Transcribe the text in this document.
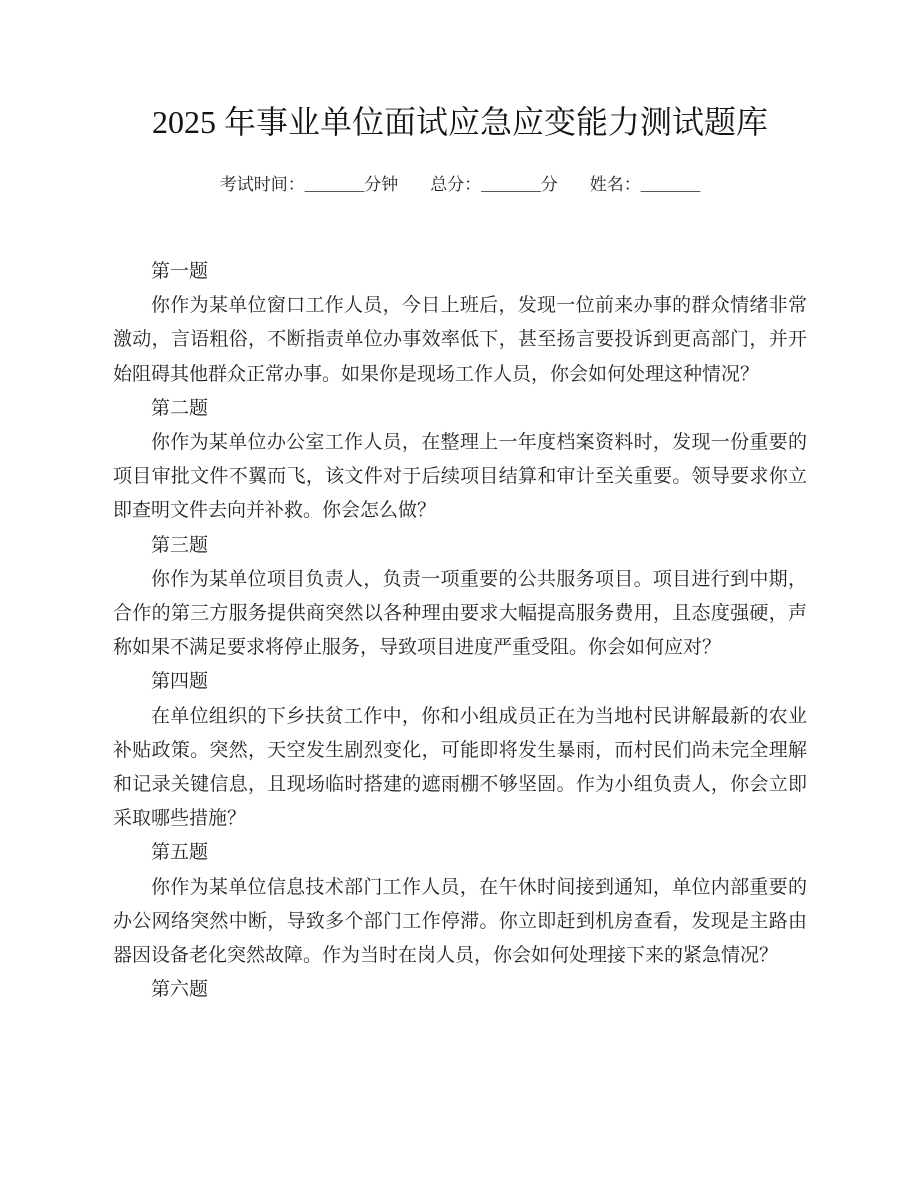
2025 年事业单位面试应急应变能力测试题库
考试时间：_______分钟 总分：_______分 姓名：_______

第一题

你作为某单位窗口工作人员，今日上班后，发现一位前来办事的群众情绪非常激动，言语粗俗，不断指责单位办事效率低下，甚至扬言要投诉到更高部门，并开始阻碍其他群众正常办事。如果你是现场工作人员，你会如何处理这种情况？

第二题

你作为某单位办公室工作人员，在整理上一年度档案资料时，发现一份重要的项目审批文件不翼而飞，该文件对于后续项目结算和审计至关重要。领导要求你立即查明文件去向并补救。你会怎么做？

第三题

你作为某单位项目负责人，负责一项重要的公共服务项目。项目进行到中期，合作的第三方服务提供商突然以各种理由要求大幅提高服务费用，且态度强硬，声称如果不满足要求将停止服务，导致项目进度严重受阻。你会如何应对？

第四题

在单位组织的下乡扶贫工作中，你和小组成员正在为当地村民讲解最新的农业补贴政策。突然，天空发生剧烈变化，可能即将发生暴雨，而村民们尚未完全理解和记录关键信息，且现场临时搭建的遮雨棚不够坚固。作为小组负责人，你会立即采取哪些措施？

第五题

你作为某单位信息技术部门工作人员，在午休时间接到通知，单位内部重要的办公网络突然中断，导致多个部门工作停滞。你立即赶到机房查看，发现是主路由器因设备老化突然故障。作为当时在岗人员，你会如何处理接下来的紧急情况？

第六题
